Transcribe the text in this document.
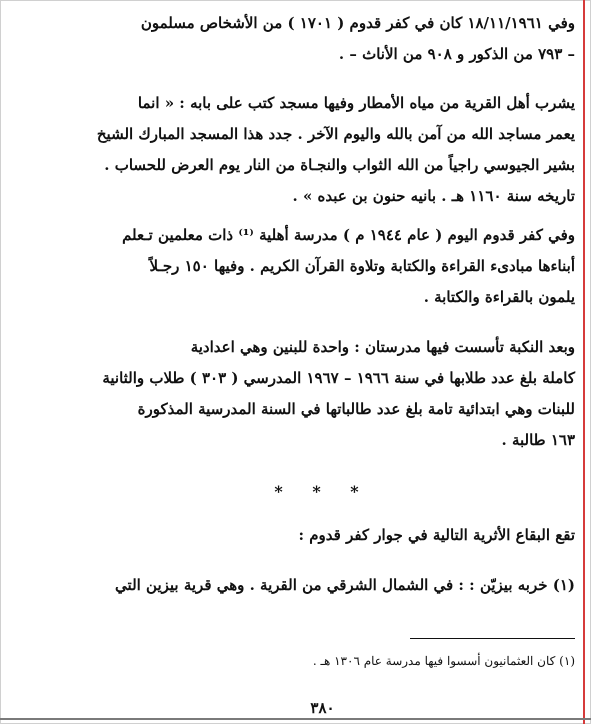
وفي ١٨/١١/١٩٦١ كان في كفر قدوم ( ١٧٠١ ) من الأشخاص مسلمون
– ٧٩٣ من الذكور و ٩٠٨ من الأناث – .

يشرب أهل القرية من مياه الأمطار وفيها مسجد كتب على بابه : « انما
يعمر مساجد الله من آمن بالله واليوم الآخر . جدد هذا المسجد المبارك الشيخ
بشير الجيوسي راجياً من الله الثواب والنجـاة من النار يوم العرض للحساب .
تاريخه سنة ١١٦٠ هـ . بانيه حنون بن عبده » .

وفي كفر قدوم اليوم ( عام ١٩٤٤ م ) مدرسة أهلية ⁽¹⁾ ذات معلمين تـعلم
أبناءها مبادىء القراءة والكتابة وتلاوة القرآن الكريم . وفيها ١٥٠ رجـلاً
يلمون بالقراءة والكتابة .

وبعد النكبة تأسست فيها مدرستان : واحدة للبنين وهي اعدادية
كاملة بلغ عدد طلابها في سنة ١٩٦٦ – ١٩٦٧ المدرسي ( ٣٠٣ ) طلاب والثانية
للبنات وهي ابتدائية تامة بلغ عدد طالباتها في السنة المدرسية المذكورة
١٦٣ طالبة .

* * *

تقع البقاع الأثرية التالية في جوار كفر قدوم :

(١) خربه بيزيّن : : في الشمال الشرقي من القرية . وهي قرية بيزين التي

(١) كان العثمانيون أسسوا فيها مدرسة عام ١٣٠٦ هـ .
٣٨٠
